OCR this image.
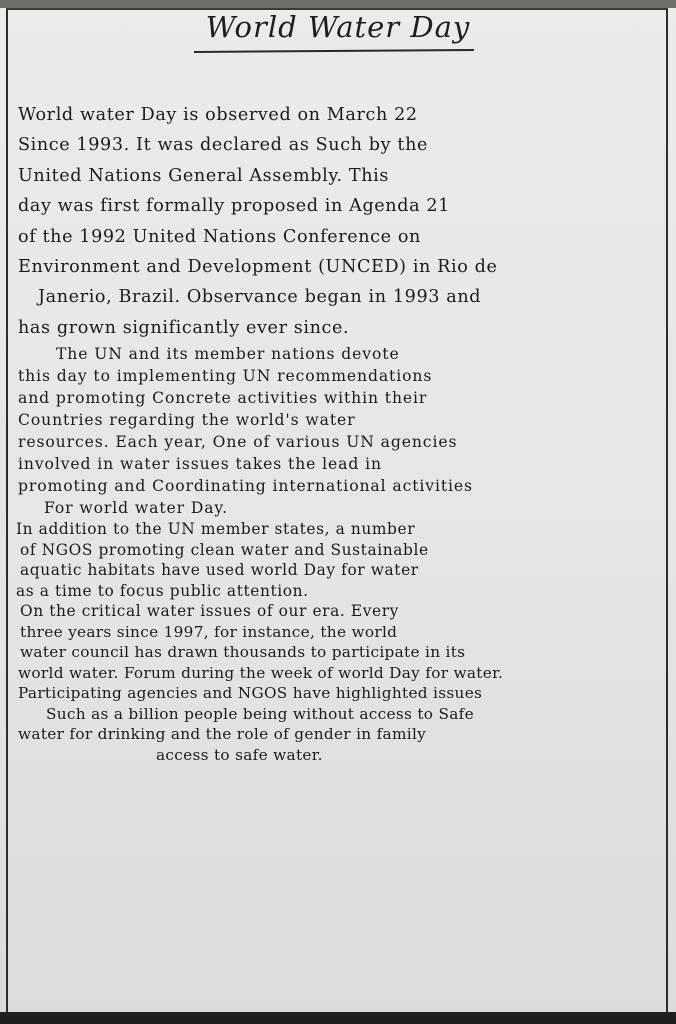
World Water Day
World water Day is observed on March 22
Since 1993. It was declared as Such by the
United Nations General Assembly. This
day was first formally proposed in Agenda 21
of the 1992 United Nations Conference on
Environment and Development (UNCED) in Rio de
Janerio, Brazil. Observance began in 1993 and
has grown significantly ever since.
The UN and its member nations devote
this day to implementing UN recommendations
and promoting Concrete activities within their
Countries regarding the world's water
resources. Each year, One of various UN agencies
involved in water issues takes the lead in
promoting and Coordinating international activities
For world water Day.
In addition to the UN member states, a number
of NGOS promoting clean water and Sustainable
aquatic habitats have used world Day for water
as a time to focus public attention.
On the critical water issues of our era. Every
three years since 1997, for instance, the world
water council has drawn thousands to participate in its
world water. Forum during the week of world Day for water.
Participating agencies and NGOS have highlighted issues
Such as a billion people being without access to Safe
water for drinking and the role of gender in family
access to safe water.
